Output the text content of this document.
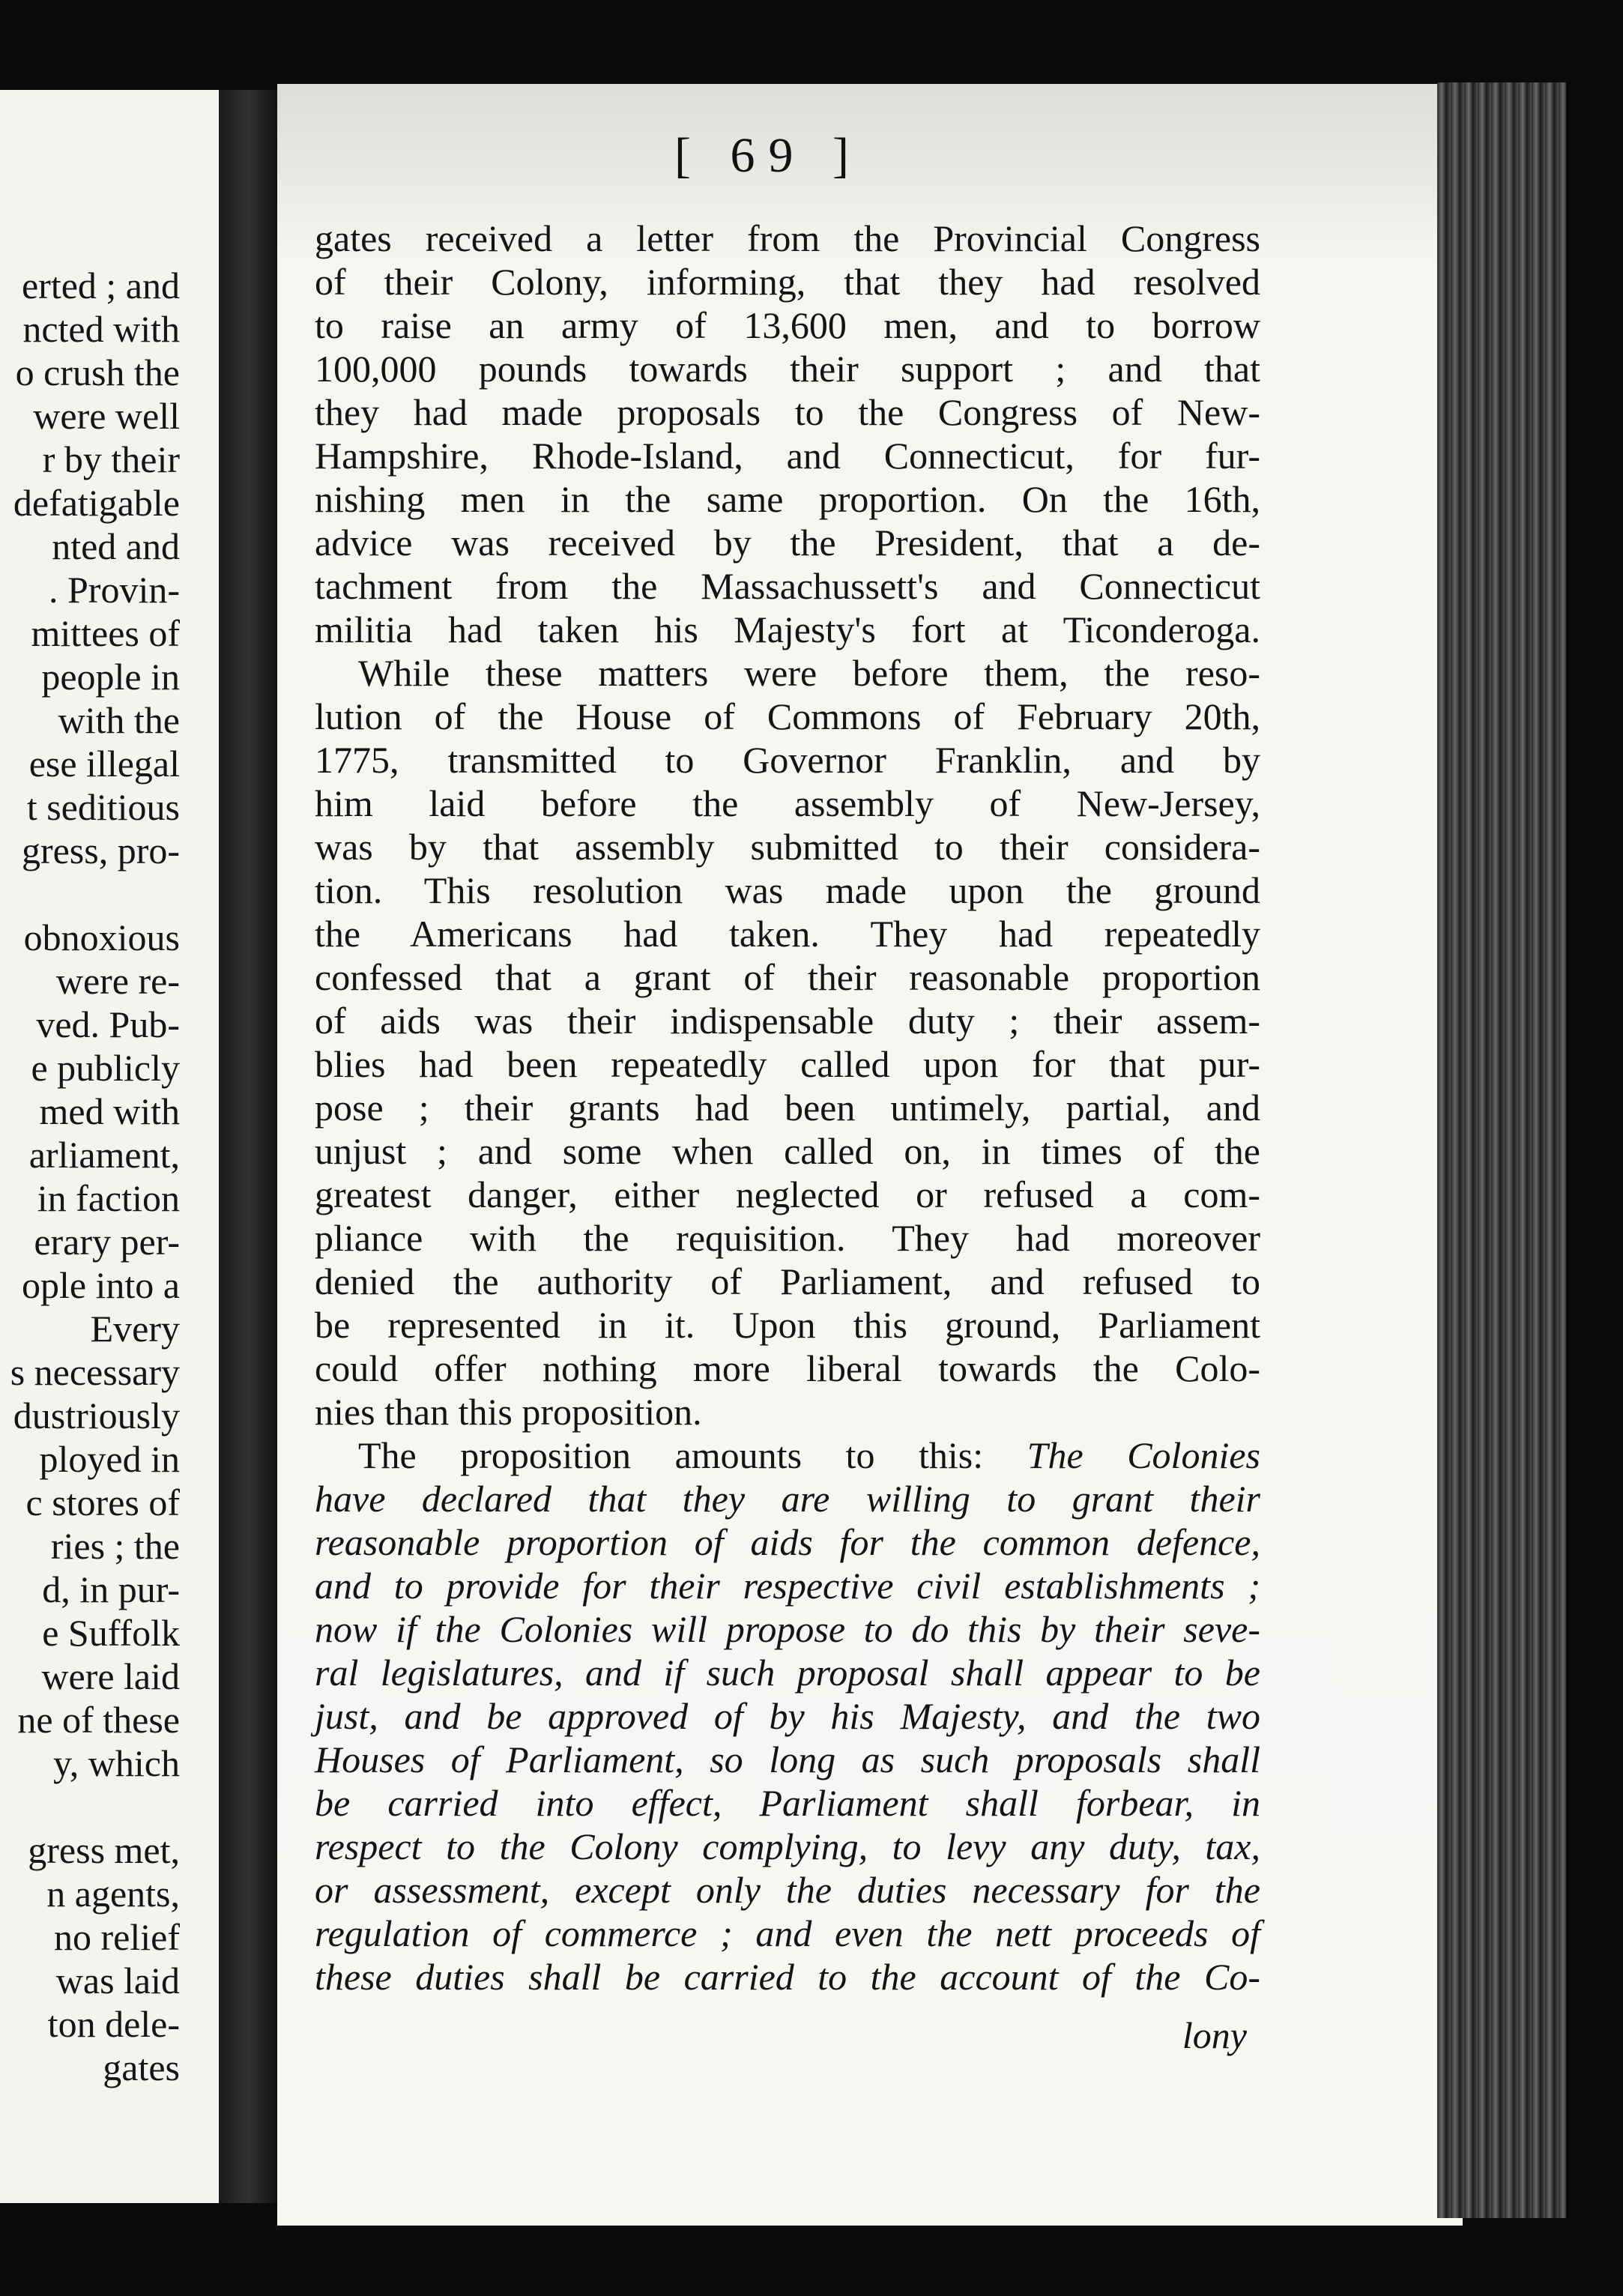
erted ; and

ncted with

o crush the

were well

r by their

defatigable

nted and

. Provin-

mittees of

people in

with the

ese illegal

t seditious

gress, pro-

obnoxious

were re-

ved. Pub-

e publicly

med with

arliament,

in faction

erary per-

ople into a

Every

s necessary

dustriously

ployed in

c stores of

ries ; the

d, in pur-

e Suffolk

were laid

ne of these

y, which

gress met,

n agents,

no relief

was laid

ton dele-

gates

[ 69 ]

gates received a letter from the Provincial Congress

of their Colony, informing, that they had resolved

to raise an army of 13,600 men, and to borrow

100,000 pounds towards their support ; and that

they had made proposals to the Congress of New-

Hampshire, Rhode-Island, and Connecticut, for fur-

nishing men in the same proportion. On the 16th,

advice was received by the President, that a de-

tachment from the Massachussett's and Connecticut

militia had taken his Majesty's fort at Ticonderoga.

While these matters were before them, the reso-

lution of the House of Commons of February 20th,

1775, transmitted to Governor Franklin, and by

him laid before the assembly of New-Jersey,

was by that assembly submitted to their considera-

tion. This resolution was made upon the ground

the Americans had taken. They had repeatedly

confessed that a grant of their reasonable proportion

of aids was their indispensable duty ; their assem-

blies had been repeatedly called upon for that pur-

pose ; their grants had been untimely, partial, and

unjust ; and some when called on, in times of the

greatest danger, either neglected or refused a com-

pliance with the requisition. They had moreover

denied the authority of Parliament, and refused to

be represented in it. Upon this ground, Parliament

could offer nothing more liberal towards the Colo-

nies than this proposition.

The proposition amounts to this: The Colonies

have declared that they are willing to grant their

reasonable proportion of aids for the common defence,

and to provide for their respective civil establishments ;

now if the Colonies will propose to do this by their seve-

ral legislatures, and if such proposal shall appear to be

just, and be approved of by his Majesty, and the two

Houses of Parliament, so long as such proposals shall

be carried into effect, Parliament shall forbear, in

respect to the Colony complying, to levy any duty, tax,

or assessment, except only the duties necessary for the

regulation of commerce ; and even the nett proceeds of

these duties shall be carried to the account of the Co-

lony
